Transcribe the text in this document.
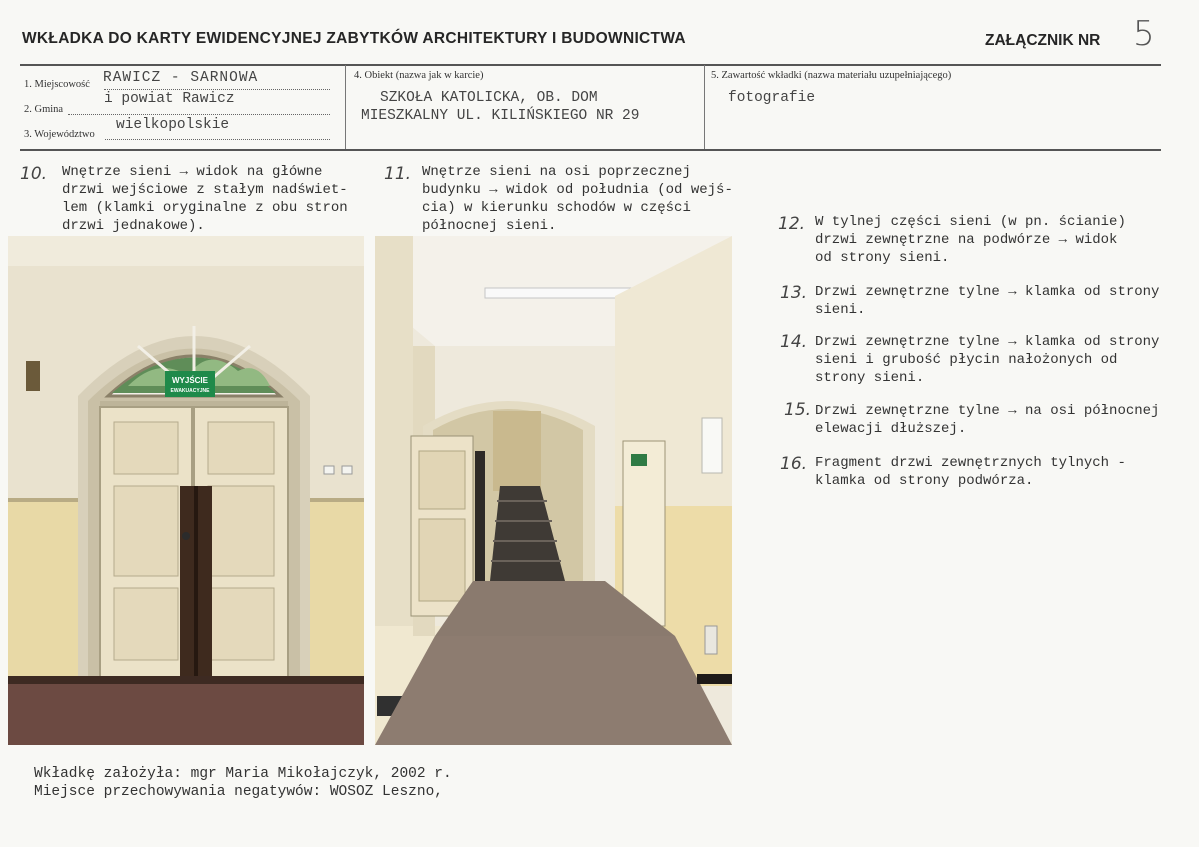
WKŁADKA DO KARTY EWIDENCYJNEJ ZABYTKÓW ARCHITEKTURY I BUDOWNICTWA	ZAŁĄCZNIK NR 5
1. Miejscowość RAWICZ - SARNOWA
2. Gmina
i powiat Rawicz
3. Województwo
wielkopolskie
4. Obiekt (nazwa jak w karcie)
SZKOŁA KATOLICKA, OB. DOM
MIESZKALNY UL. KILIŃSKIEGO NR 29
5. Zawartość wkładki (nazwa materiału uzupełniającego)
fotografie
10. Wnętrze sieni → widok na główne
drzwi wejściowe z stałym nadświet-
lem (klamki oryginalne z obu stron
drzwi jednakowe).
11. Wnętrze sieni na osi poprzecznej
budynku → widok od południa (od wejś-
cia) w kierunku schodów w części
północnej sieni.
WYJŚCIE
EWAKUACYJNE
12. W tylnej części sieni (w pn. ścianie)
drzwi zewnętrzne na podwórze → widok
od strony sieni.
13. Drzwi zewnętrzne tylne → klamka od strony
sieni.
14. Drzwi zewnętrzne tylne → klamka od strony
sieni i grubość płycin nałożonych od
strony sieni.
15. Drzwi zewnętrzne tylne → na osi północnej
elewacji dłuższej.
16. Fragment drzwi zewnętrznych tylnych -
klamka od strony podwórza.
Wkładkę założyła: mgr Maria Mikołajczyk, 2002 r.
Miejsce przechowywania negatywów: WOSOZ Leszno,
